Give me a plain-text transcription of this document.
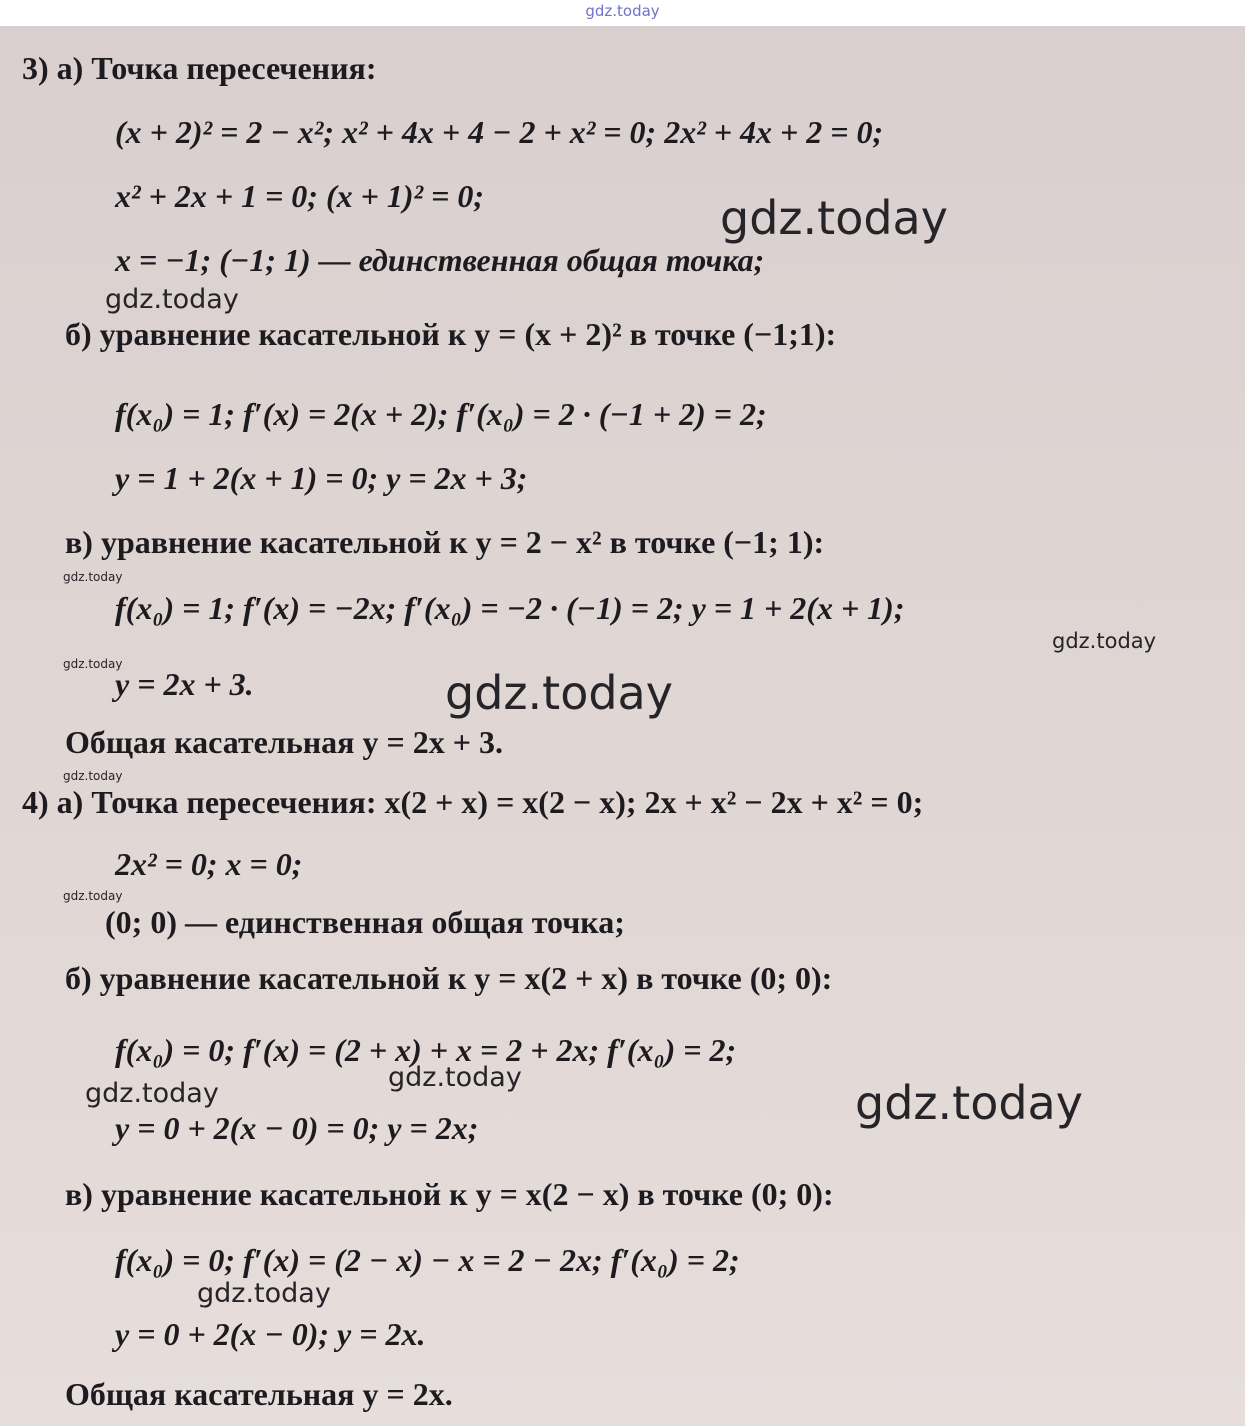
gdz.today
3) а) Точка пересечения:
(x + 2)² = 2 − x²; x² + 4x + 4 − 2 + x² = 0; 2x² + 4x + 2 = 0;
x² + 2x + 1 = 0; (x + 1)² = 0;
x = −1; (−1; 1) — единственная общая точка;
б) уравнение касательной к y = (x + 2)² в точке (−1;1):
f(x₀) = 1; f′(x) = 2(x + 2); f′(x₀) = 2 · (−1 + 2) = 2;
y = 1 + 2(x + 1) = 0; y = 2x + 3;
в) уравнение касательной к y = 2 − x² в точке (−1; 1):
f(x₀) = 1; f′(x) = −2x; f′(x₀) = −2 · (−1) = 2; y = 1 + 2(x + 1);
y = 2x + 3.
Общая касательная y = 2x + 3.
4) а) Точка пересечения: x(2 + x) = x(2 − x); 2x + x² − 2x + x² = 0;
2x² = 0; x = 0;
(0; 0) — единственная общая точка;
б) уравнение касательной к y = x(2 + x) в точке (0; 0):
f(x₀) = 0; f′(x) = (2 + x) + x = 2 + 2x; f′(x₀) = 2;
y = 0 + 2(x − 0) = 0; y = 2x;
в) уравнение касательной к y = x(2 − x) в точке (0; 0):
f(x₀) = 0; f′(x) = (2 − x) − x = 2 − 2x; f′(x₀) = 2;
y = 0 + 2(x − 0); y = 2x.
Общая касательная y = 2x.
gdz.today
gdz.today
gdz.today
gdz.today
gdz.today
gdz.today
gdz.today
gdz.today
gdz.today
gdz.today	gdz.today
gdz.today
